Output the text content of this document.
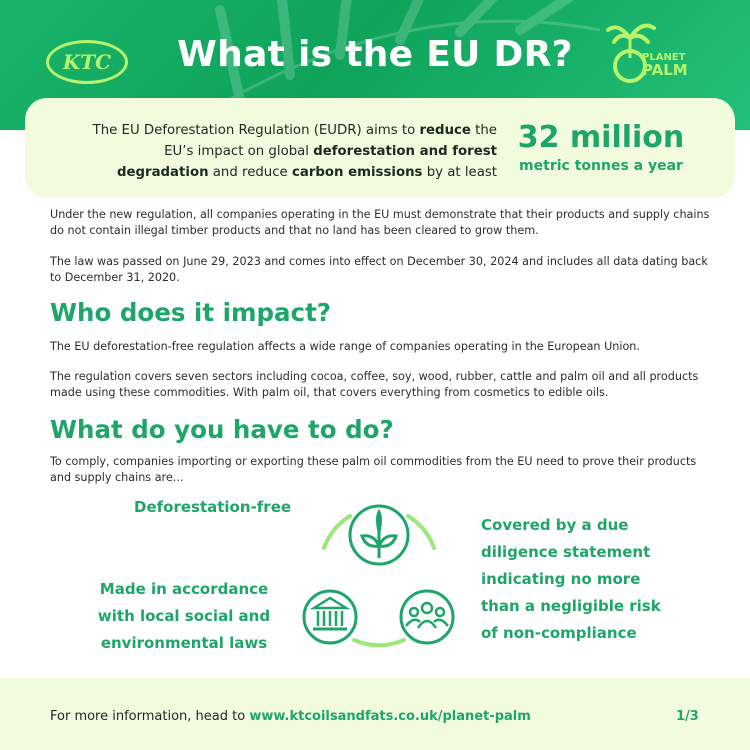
KTC	What is the EU DR?	PLANET
PALM
The EU Deforestation Regulation (EUDR) aims to reduce the EU’s impact on global deforestation and forest degradation and reduce carbon emissions by at least
32 million
metric tonnes a year
Under the new regulation, all companies operating in the EU must demonstrate that their products and supply chains do not contain illegal timber products and that no land has been cleared to grow them.
The law was passed on June 29, 2023 and comes into effect on December 30, 2024 and includes all data dating back to December 31, 2020.
Who does it impact?
The EU deforestation-free regulation affects a wide range of companies operating in the European Union.
The regulation covers seven sectors including cocoa, coffee, soy, wood, rubber, cattle and palm oil and all products made using these commodities. With palm oil, that covers everything from cosmetics to edible oils.
What do you have to do?
To comply, companies importing or exporting these palm oil commodities from the EU need to prove their products and supply chains are...
Deforestation-free
Made in accordance with local social and environmental laws
Covered by a due diligence statement indicating no more than a negligible risk of non-compliance
For more information, head to www.ktcoilsandfats.co.uk/planet-palm	1/3
